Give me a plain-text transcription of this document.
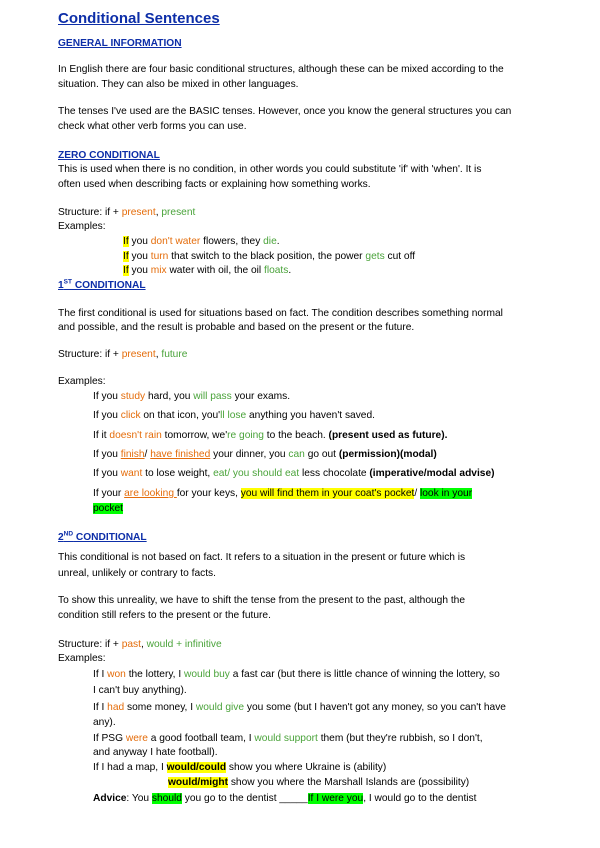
Conditional Sentences
GENERAL INFORMATION
In English there are four basic conditional structures, although these can be mixed according to the
situation. They can also be mixed in other languages.
The tenses I've used are the BASIC tenses. However, once you know the general structures you can
check what other verb forms you can use.
ZERO CONDITIONAL
This is used when there is no condition, in other words you could substitute 'if' with 'when'. It is
often used when describing facts or explaining how something works.
Structure: if + present, present
Examples:
If you don't water flowers, they die.
If you turn that switch to the black position, the power gets cut off
If you mix water with oil, the oil floats.
1ST CONDITIONAL
The first conditional is used for situations based on fact. The condition describes something normal
and possible, and the result is probable and based on the present or the future.
Structure: if + present, future
Examples:
If you study hard, you will pass your exams.
If you click on that icon, you'll lose anything you haven't saved.
If it doesn't rain tomorrow, we're going to the beach. (present used as future).
If you finish/ have finished your dinner, you can go out (permission)(modal)
If you want to lose weight, eat/ you should eat less chocolate (imperative/modal advise)
If your are looking for your keys, you will find them in your coat's pocket/ look in your
pocket
2ND CONDITIONAL
This conditional is not based on fact. It refers to a situation in the present or future which is
unreal, unlikely or contrary to facts.
To show this unreality, we have to shift the tense from the present to the past, although the
condition still refers to the present or the future.
Structure: if + past, would + infinitive
Examples:
If I won the lottery, I would buy a fast car (but there is little chance of winning the lottery, so
I can't buy anything).
If I had some money, I would give you some (but I haven't got any money, so you can't have
any).
If PSG were a good football team, I would support them (but they're rubbish, so I don't,
and anyway I hate football).
If I had a map, I would/could show you where Ukraine is (ability)
would/might show you where the Marshall Islands are (possibility)
Advice: You should you go to the dentist _____If I were you, I would go to the dentist
